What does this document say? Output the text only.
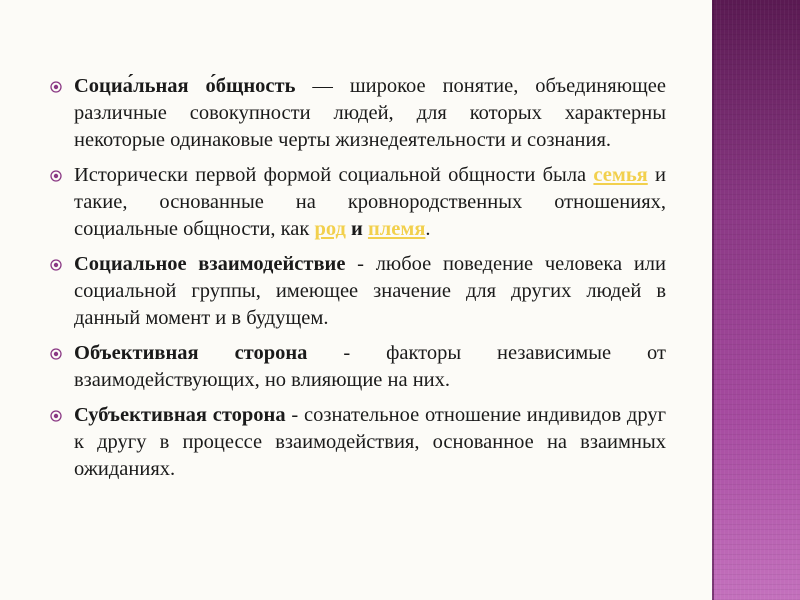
Социа́льная о́бщность — широкое понятие, объединяющее различные совокупности людей, для которых характерны некоторые одинаковые черты жизнедеятельности и сознания.
Исторически первой формой социальной общности была семья и такие, основанные на кровнородственных отношениях, социальные общности, как род и племя.
Социальное взаимодействие - любое поведение человека или социальной группы, имеющее значение для других людей в данный момент и в будущем.
Объективная сторона - факторы независимые от взаимодействующих, но влияющие на них.
Субъективная сторона - сознательное отношение индивидов друг к другу в процессе взаимодействия, основанное на взаимных ожиданиях.
